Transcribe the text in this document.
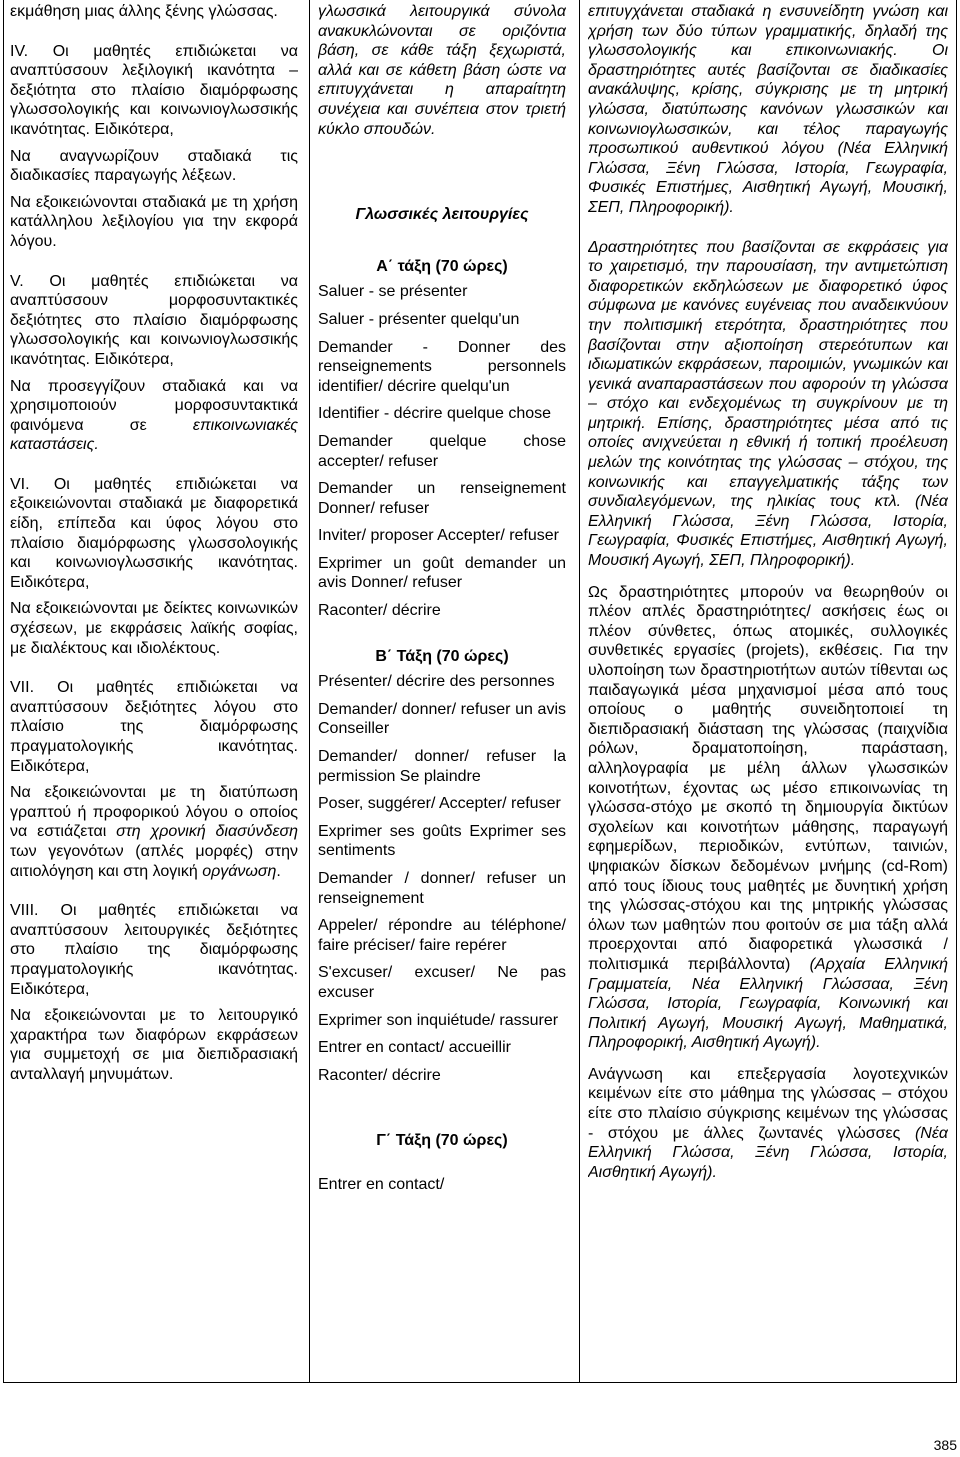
εκμάθηση μιας άλλης ξένης γλώσσας.

IV. Οι μαθητές επιδιώκεται να αναπτύσσουν λεξιλογική ικανότητα – δεξιότητα στο πλαίσιο διαμόρφωσης γλωσσολογικής και κοινωνιογλωσσικής ικανότητας. Ειδικότερα,

Να αναγνωρίζουν σταδιακά τις διαδικασίες παραγωγής λέξεων.

Να εξοικειώνονται σταδιακά με τη χρήση κατάλληλου λεξιλογίου για την εκφορά λόγου.

V. Οι μαθητές επιδιώκεται να αναπτύσσουν μορφοσυντακτικές δεξιότητες στο πλαίσιο διαμόρφωσης γλωσσολογικής και κοινωνιογλωσσικής ικανότητας. Ειδικότερα,

Να προσεγγίζουν σταδιακά και να χρησιμοποιούν μορφοσυντακτικά φαινόμενα σε επικοινωνιακές καταστάσεις.

VI. Οι μαθητές επιδιώκεται να εξοικειώνονται σταδιακά με διαφορετικά είδη, επίπεδα και ύφος λόγου στο πλαίσιο διαμόρφωσης γλωσσολογικής και κοινωνιογλωσσικής ικανότητας. Ειδικότερα,

Να εξοικειώνονται με δείκτες κοινωνικών σχέσεων, με εκφράσεις λαϊκής σοφίας, με διαλέκτους και ιδιολέκτους.

VII. Οι μαθητές επιδιώκεται να αναπτύσσουν δεξιότητες λόγου στο πλαίσιο της διαμόρφωσης πραγματολογικής ικανότητας. Ειδικότερα,

Να εξοικειώνονται με τη διατύπωση γραπτού ή προφορικού λόγου ο οποίος να εστιάζεται στη χρονική διασύνδεση των γεγονότων (απλές μορφές) στην αιτιολόγηση και στη λογική οργάνωση.

VIII. Οι μαθητές επιδιώκεται να αναπτύσσουν λειτουργικές δεξιότητες στο πλαίσιο της διαμόρφωσης πραγματολογικής ικανότητας. Ειδικότερα,

Να εξοικειώνονται με το λειτουργικό χαρακτήρα των διαφόρων εκφράσεων για συμμετοχή σε μια διεπιδρασιακή ανταλλαγή μηνυμάτων.

γλωσσικά λειτουργικά σύνολα ανακυκλώνονται σε οριζόντια βάση, σε κάθε τάξη ξεχωριστά, αλλά και σε κάθετη βάση ώστε να επιτυγχάνεται η απαραίτητη συνέχεια και συνέπεια στον τριετή κύκλο σπουδών.

Γλωσσικές λειτουργίες

Α΄ τάξη (70 ώρες)

Saluer - se présenter

Saluer - présenter quelqu'un

Demander - Donner des renseignements personnels identifier/ décrire quelqu'un

Identifier - décrire quelque chose

Demander quelque chose accepter/ refuser

Demander un renseignement Donner/ refuser

Inviter/ proposer Accepter/ refuser

Exprimer un goût demander un avis Donner/ refuser

Raconter/ décrire

Β΄ Τάξη (70 ώρες)

Présenter/ décrire des personnes

Demander/ donner/ refuser un avis Conseiller

Demander/ donner/ refuser la permission Se plaindre

Poser, suggérer/ Accepter/ refuser

Exprimer ses goûts Exprimer ses sentiments

Demander / donner/ refuser un renseignement

Appeler/ répondre au téléphone/ faire préciser/ faire repérer

S'excuser/ excuser/ Ne pas excuser

Exprimer son inquiétude/ rassurer

Entrer en contact/ accueillir

Raconter/ décrire

Γ΄ Τάξη (70 ώρες)

Entrer en contact/

επιτυγχάνεται σταδιακά η ενσυνείδητη γνώση και χρήση των δύο τύπων γραμματικής, δηλαδή της γλωσσολογικής και επικοινωνιακής. Οι δραστηριότητες αυτές βασίζονται σε διαδικασίες ανακάλυψης, κρίσης, σύγκρισης με τη μητρική γλώσσα, διατύπωσης κανόνων γλωσσικών και κοινωνιογλωσσικών, και τέλος παραγωγής προσωπικού αυθεντικού λόγου (Νέα Ελληνική Γλώσσα, Ξένη Γλώσσα, Ιστορία, Γεωγραφία, Φυσικές Επιστήμες, Αισθητική Αγωγή, Μουσική, ΣΕΠ, Πληροφορική).

Δραστηριότητες που βασίζονται σε εκφράσεις για το χαιρετισμό, την παρουσίαση, την αντιμετώπιση διαφορετικών εκδηλώσεων με διαφορετικό ύφος σύμφωνα με κανόνες ευγένειας που αναδεικνύουν την πολιτισμική ετερότητα, δραστηριότητες που βασίζονται στην αξιοποίηση στερεότυπων και ιδιωματικών εκφράσεων, παροιμιών, γνωμικών και γενικά αναπαραστάσεων που αφορούν τη γλώσσα – στόχο και ενδεχομένως τη συγκρίνουν με τη μητρική. Επίσης, δραστηριότητες μέσα από τις οποίες ανιχνεύεται η εθνική ή τοπική προέλευση μελών της κοινότητας της γλώσσας – στόχου, της κοινωνικής και επαγγελματικής τάξης των συνδιαλεγόμενων, της ηλικίας τους κτλ. (Νέα Ελληνική Γλώσσα, Ξένη Γλώσσα, Ιστορία, Γεωγραφία, Φυσικές Επιστήμες, Αισθητική Αγωγή, Μουσική Αγωγή, ΣΕΠ, Πληροφορική).

Ως δραστηριότητες μπορούν να θεωρηθούν οι πλέον απλές δραστηριότητες/ ασκήσεις έως οι πλέον σύνθετες, όπως ατομικές, συλλογικές συνθετικές εργασίες (projets), εκθέσεις. Για την υλοποίηση των δραστηριοτήτων αυτών τίθενται ως παιδαγωγικά μέσα μηχανισμοί μέσα από τους οποίους ο μαθητής συνειδητοποιεί τη διεπιδρασιακή διάσταση της γλώσσας (παιχνίδια ρόλων, δραματοποίηση, παράσταση, αλληλογραφία με μέλη άλλων γλωσσικών κοινοτήτων, έχοντας ως μέσο επικοινωνίας τη γλώσσα-στόχο με σκοπό τη δημιουργία δικτύων σχολείων και κοινοτήτων μάθησης, παραγωγή εφημερίδων, περιοδικών, εντύπων, ταινιών, ψηφιακών δίσκων δεδομένων μνήμης (cd-Rom) από τους ίδιους τους μαθητές με δυνητική χρήση της γλώσσας-στόχου και της μητρικής γλώσσας όλων των μαθητών που φοιτούν σε μια τάξη αλλά προερχονται από διαφορετικά γλωσσικά / πολιτισμικά περιβάλλοντα) (Αρχαία Ελληνική Γραμματεία, Νέα Ελληνική Γλώσσαα, Ξένη Γλώσσα, Ιστορία, Γεωγραφία, Κοινωνική και Πολιτική Αγωγή, Μουσική Αγωγή, Μαθηματικά, Πληροφορική, Αισθητική Αγωγή).

Ανάγνωση και επεξεργασία λογοτεχνικών κειμένων είτε στο μάθημα της γλώσσας – στόχου είτε στο πλαίσιο σύγκρισης κειμένων της γλώσσας - στόχου με άλλες ζωντανές γλώσσες (Νέα Ελληνική Γλώσσα, Ξένη Γλώσσα, Ιστορία, Αισθητική Αγωγή).

385
